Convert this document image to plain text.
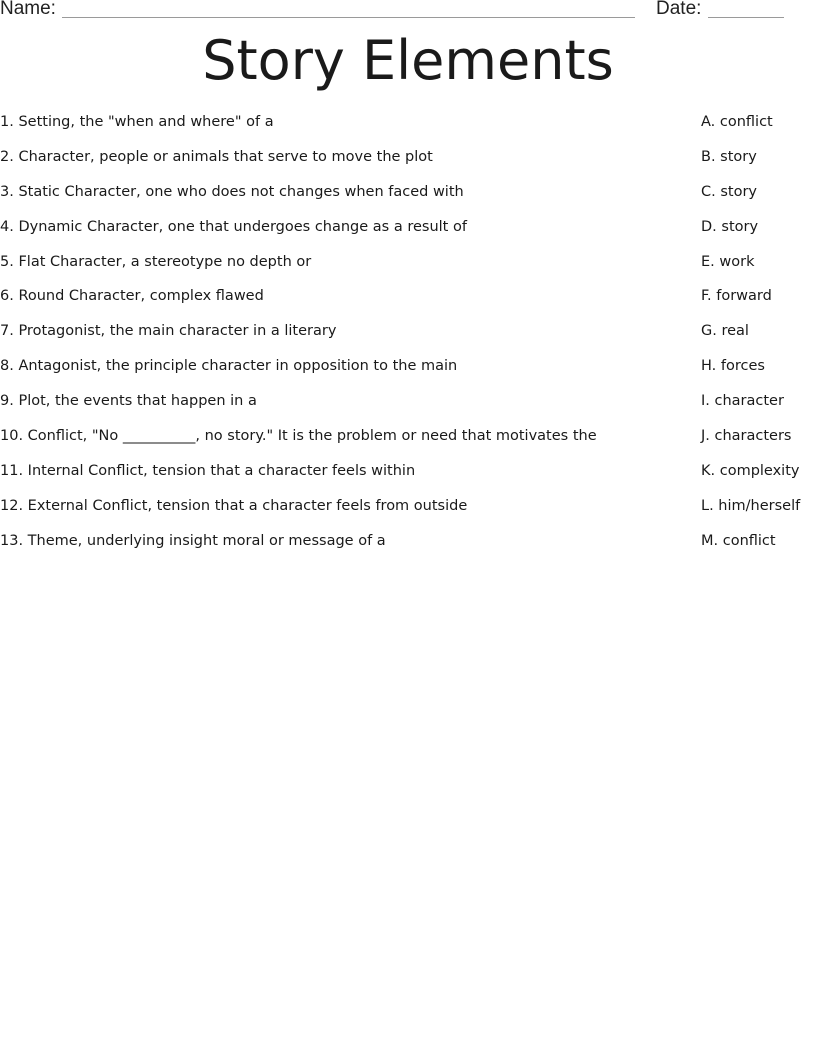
Name:	Date:
Story Elements
1. Setting, the "when and where" of a
2. Character, people or animals that serve to move the plot
3. Static Character, one who does not changes when faced with
4. Dynamic Character, one that undergoes change as a result of
5. Flat Character, a stereotype no depth or
6. Round Character, complex flawed
7. Protagonist, the main character in a literary
8. Antagonist, the principle character in opposition to the main
9. Plot, the events that happen in a
10. Conflict, "No __________, no story." It is the problem or need that motivates the
11. Internal Conflict, tension that a character feels within
12. External Conflict, tension that a character feels from outside
13. Theme, underlying insight moral or message of a
A. conflict
B. story
C. story
D. story
E. work
F. forward
G. real
H. forces
I. character
J. characters
K. complexity
L. him/herself
M. conflict
